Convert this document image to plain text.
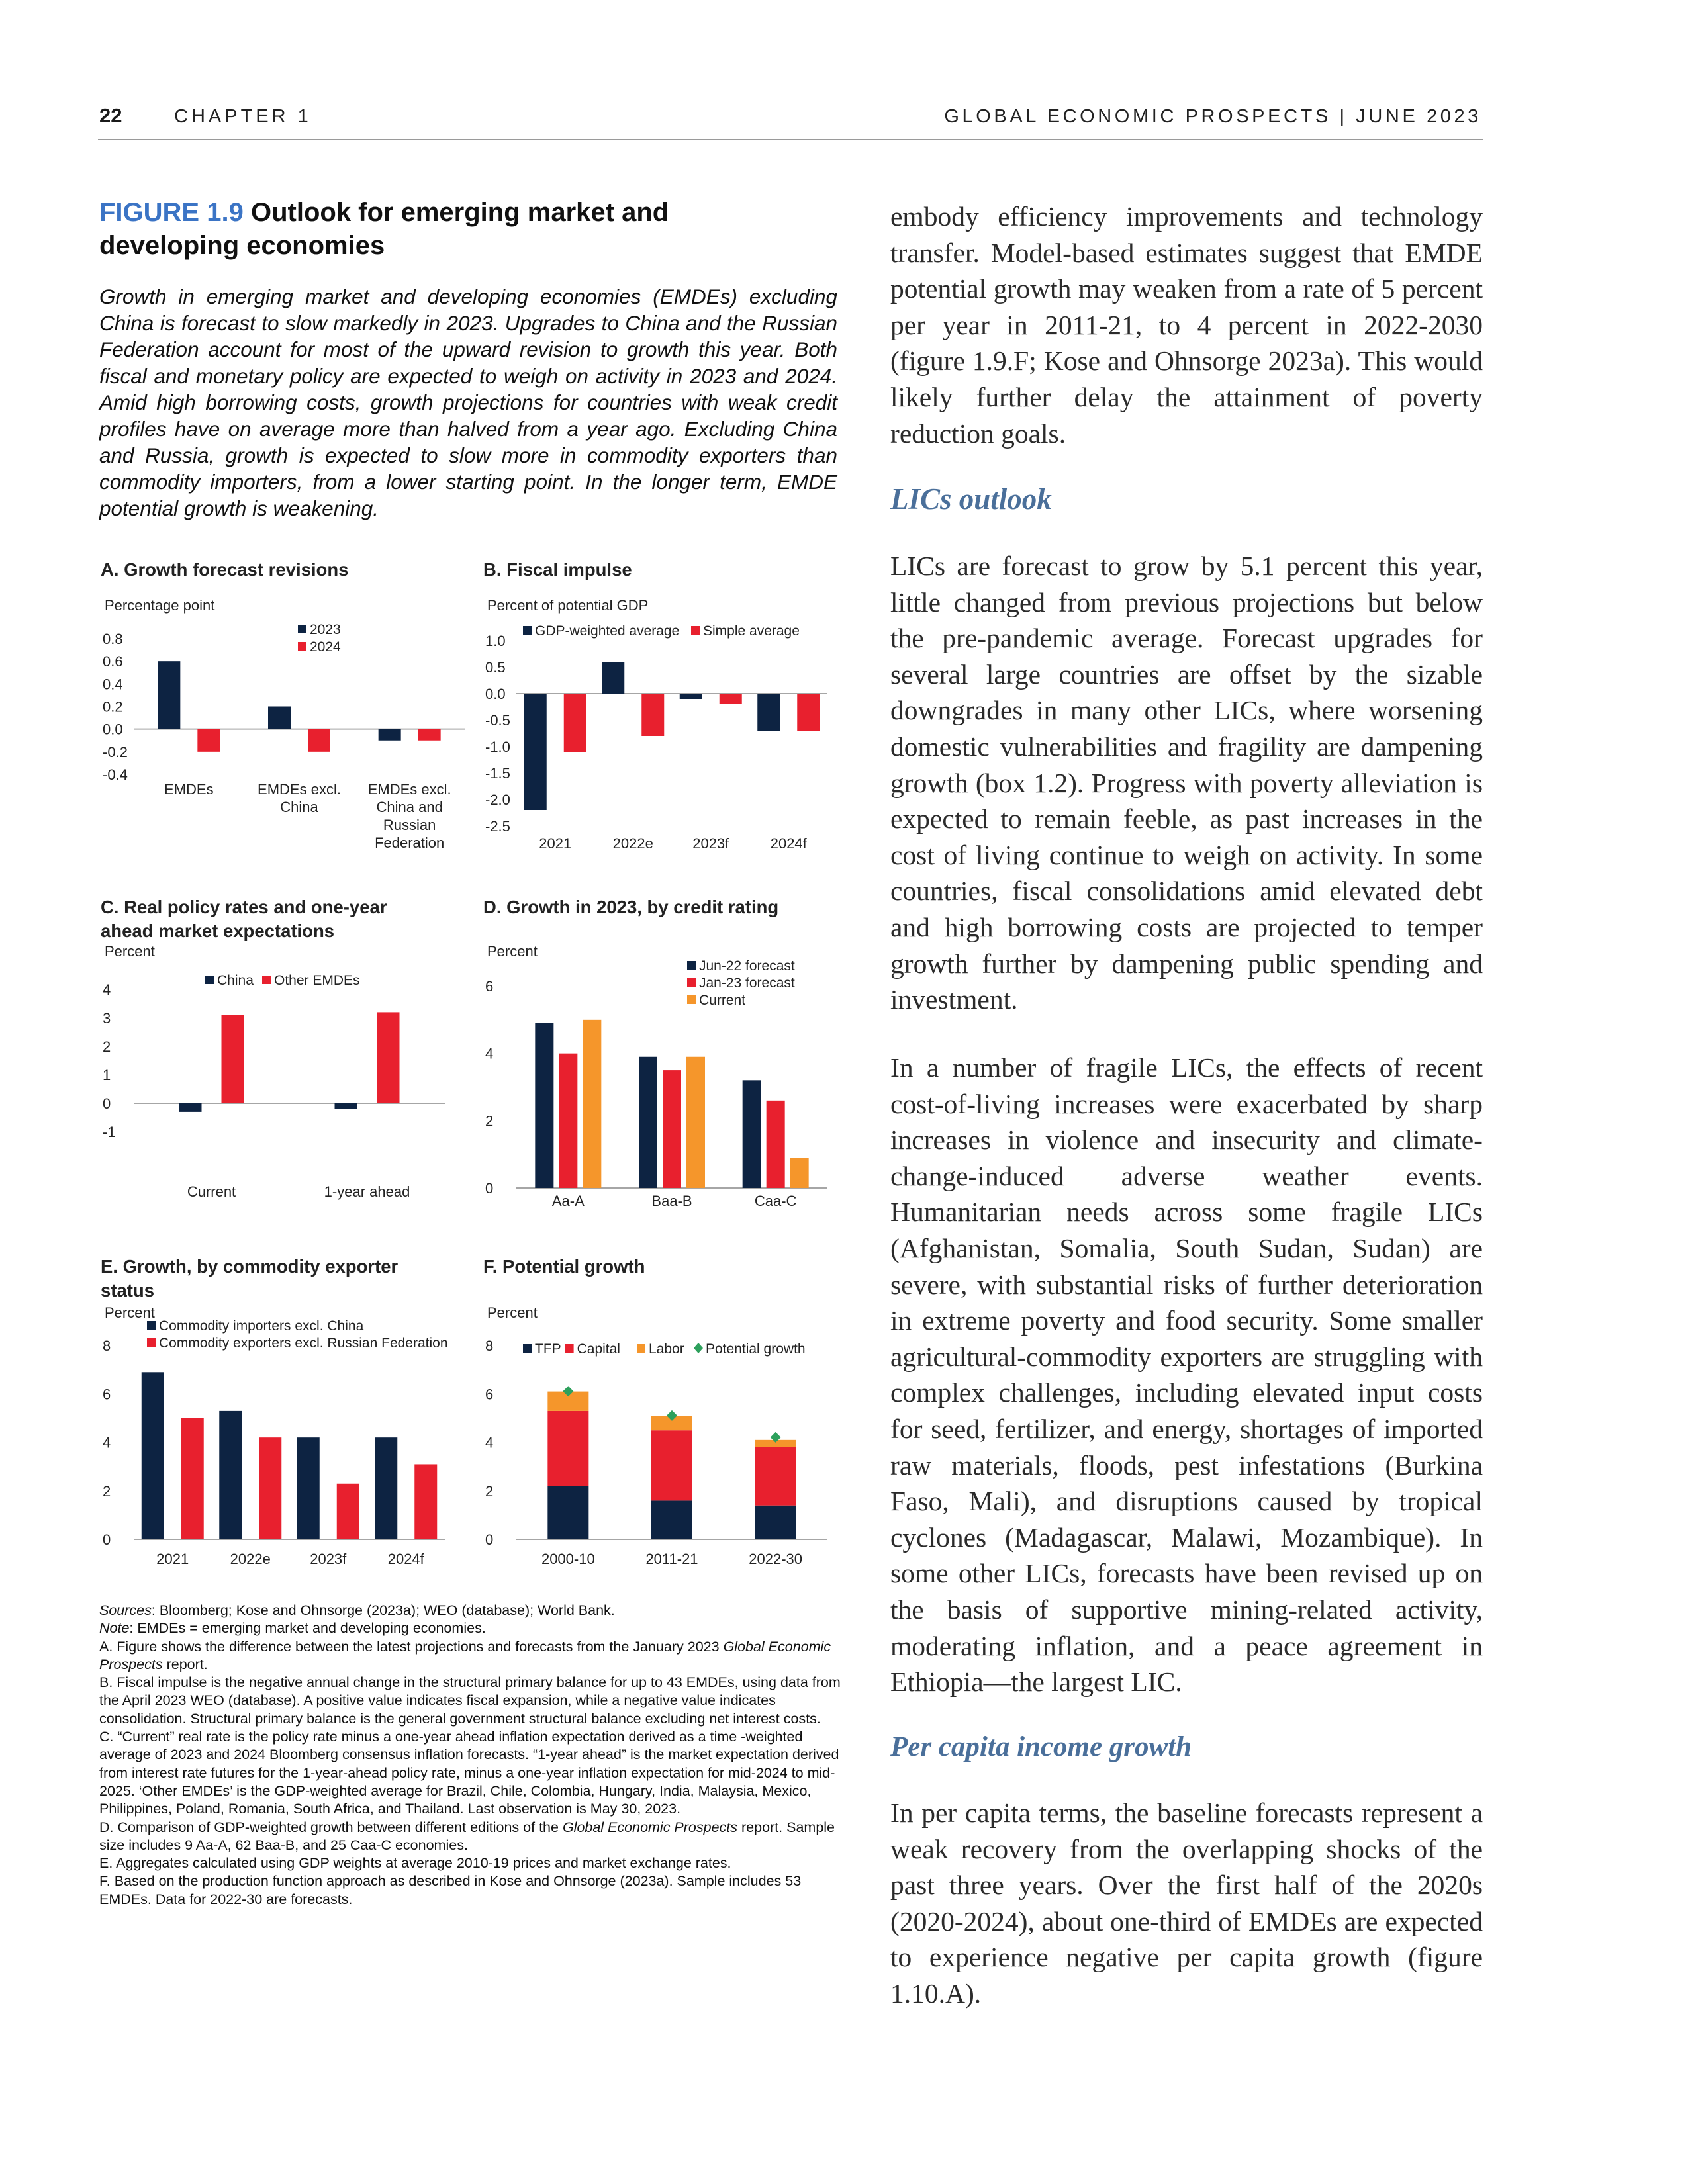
22	CHAPTER 1	GLOBAL ECONOMIC PROSPECTS | JUNE 2023
FIGURE 1.9 Outlook for emerging market and
developing economies
Growth in emerging market and developing economies (EMDEs) excluding China is forecast to slow markedly in 2023. Upgrades to China and the Russian Federation account for most of the upward revision to growth this year. Both fiscal and monetary policy are expected to weigh on activity in 2023 and 2024. Amid high borrowing costs, growth projections for countries with weak credit profiles have on average more than halved from a year ago. Excluding China and Russia, growth is expected to slow more in commodity exporters than commodity importers, from a lower starting point. In the longer term, EMDE potential growth is weakening.
A. Growth forecast revisions
Percentage point
0.8
0.6
0.4
0.2
0.0
-0.2
-0.4
EMDEs	EMDEs excl.
China
EMDEs excl.
China and
Russian
Federation
2023
2024
B. Fiscal impulse
Percent of potential GDP
1.0
0.5
0.0
-0.5
-1.0
-1.5
-2.0
-2.5
2021	2022e	2023f	2024f
GDP-weighted average Simple average
C. Real policy rates and one-year
ahead market expectations
Percent
4
3
2
1
0
-1
Current	1-year ahead
China Other EMDEs
D. Growth in 2023, by credit rating
Percent
6
4
2
0
Aa-A	Baa-B	Caa-C
Jun-22 forecast
Jan-23 forecast
Current
E. Growth, by commodity exporter
status
Percent
8
6
4
2
0
2021	2022e	2023f	2024f
Commodity importers excl. China
Commodity exporters excl. Russian Federation
F. Potential growth
Percent
8
6
4
2
0
2000-10	2011-21	2022-30
TFP Capital Labor Potential growth

Sources: Bloomberg; Kose and Ohnsorge (2023a); WEO (database); World Bank.

Note: EMDEs = emerging market and developing economies.

A. Figure shows the difference between the latest projections and forecasts from the January 2023 Global Economic Prospects report.

B. Fiscal impulse is the negative annual change in the structural primary balance for up to 43 EMDEs, using data from the April 2023 WEO (database). A positive value indicates fiscal expansion, while a negative value indicates consolidation. Structural primary balance is the general government structural balance excluding net interest costs.

C. “Current” real rate is the policy rate minus a one-year ahead inflation expectation derived as a time -weighted average of 2023 and 2024 Bloomberg consensus inflation forecasts. “1-year ahead” is the market expectation derived from interest rate futures for the 1-year-ahead policy rate, minus a one-year inflation expectation for mid-2024 to mid-2025. ‘Other EMDEs’ is the GDP-weighted average for Brazil, Chile, Colombia, Hungary, India, Malaysia, Mexico, Philippines, Poland, Romania, South Africa, and Thailand. Last observation is May 30, 2023.

D. Comparison of GDP-weighted growth between different editions of the Global Economic Prospects report. Sample size includes 9 Aa-A, 62 Baa-B, and 25 Caa-C economies.

E. Aggregates calculated using GDP weights at average 2010-19 prices and market exchange rates.

F. Based on the production function approach as described in Kose and Ohnsorge (2023a). Sample includes 53 EMDEs. Data for 2022-30 are forecasts.

embody efficiency improvements and technology transfer. Model-based estimates suggest that EMDE potential growth may weaken from a rate of 5 percent per year in 2011-21, to 4 percent in 2022-2030 (figure 1.9.F; Kose and Ohnsorge 2023a). This would likely further delay the attainment of poverty reduction goals.

LICs outlook

LICs are forecast to grow by 5.1 percent this year, little changed from previous projections but below the pre-pandemic average. Forecast upgrades for several large countries are offset by the sizable downgrades in many other LICs, where worsening domestic vulnerabilities and fragility are dampening growth (box 1.2). Progress with poverty alleviation is expected to remain feeble, as past increases in the cost of living continue to weigh on activity. In some countries, fiscal consolidations amid elevated debt and high borrowing costs are projected to temper growth further by dampening public spending and investment.

In a number of fragile LICs, the effects of recent cost-of-living increases were exacerbated by sharp increases in violence and insecurity and climate-change-induced adverse weather events. Humanitarian needs across some fragile LICs (Afghanistan, Somalia, South Sudan, Sudan) are severe, with substantial risks of further deterioration in extreme poverty and food security. Some smaller agricultural-commodity exporters are struggling with complex challenges, including elevated input costs for seed, fertilizer, and energy, shortages of imported raw materials, floods, pest infestations (Burkina Faso, Mali), and disruptions caused by tropical cyclones (Madagascar, Malawi, Mozambique). In some other LICs, forecasts have been revised up on the basis of supportive mining-related activity, moderating inflation, and a peace agreement in Ethiopia—the largest LIC.

Per capita income growth

In per capita terms, the baseline forecasts represent a weak recovery from the overlapping shocks of the past three years. Over the first half of the 2020s (2020-2024), about one-third of EMDEs are expected to experience negative per capita growth (figure 1.10.A).
